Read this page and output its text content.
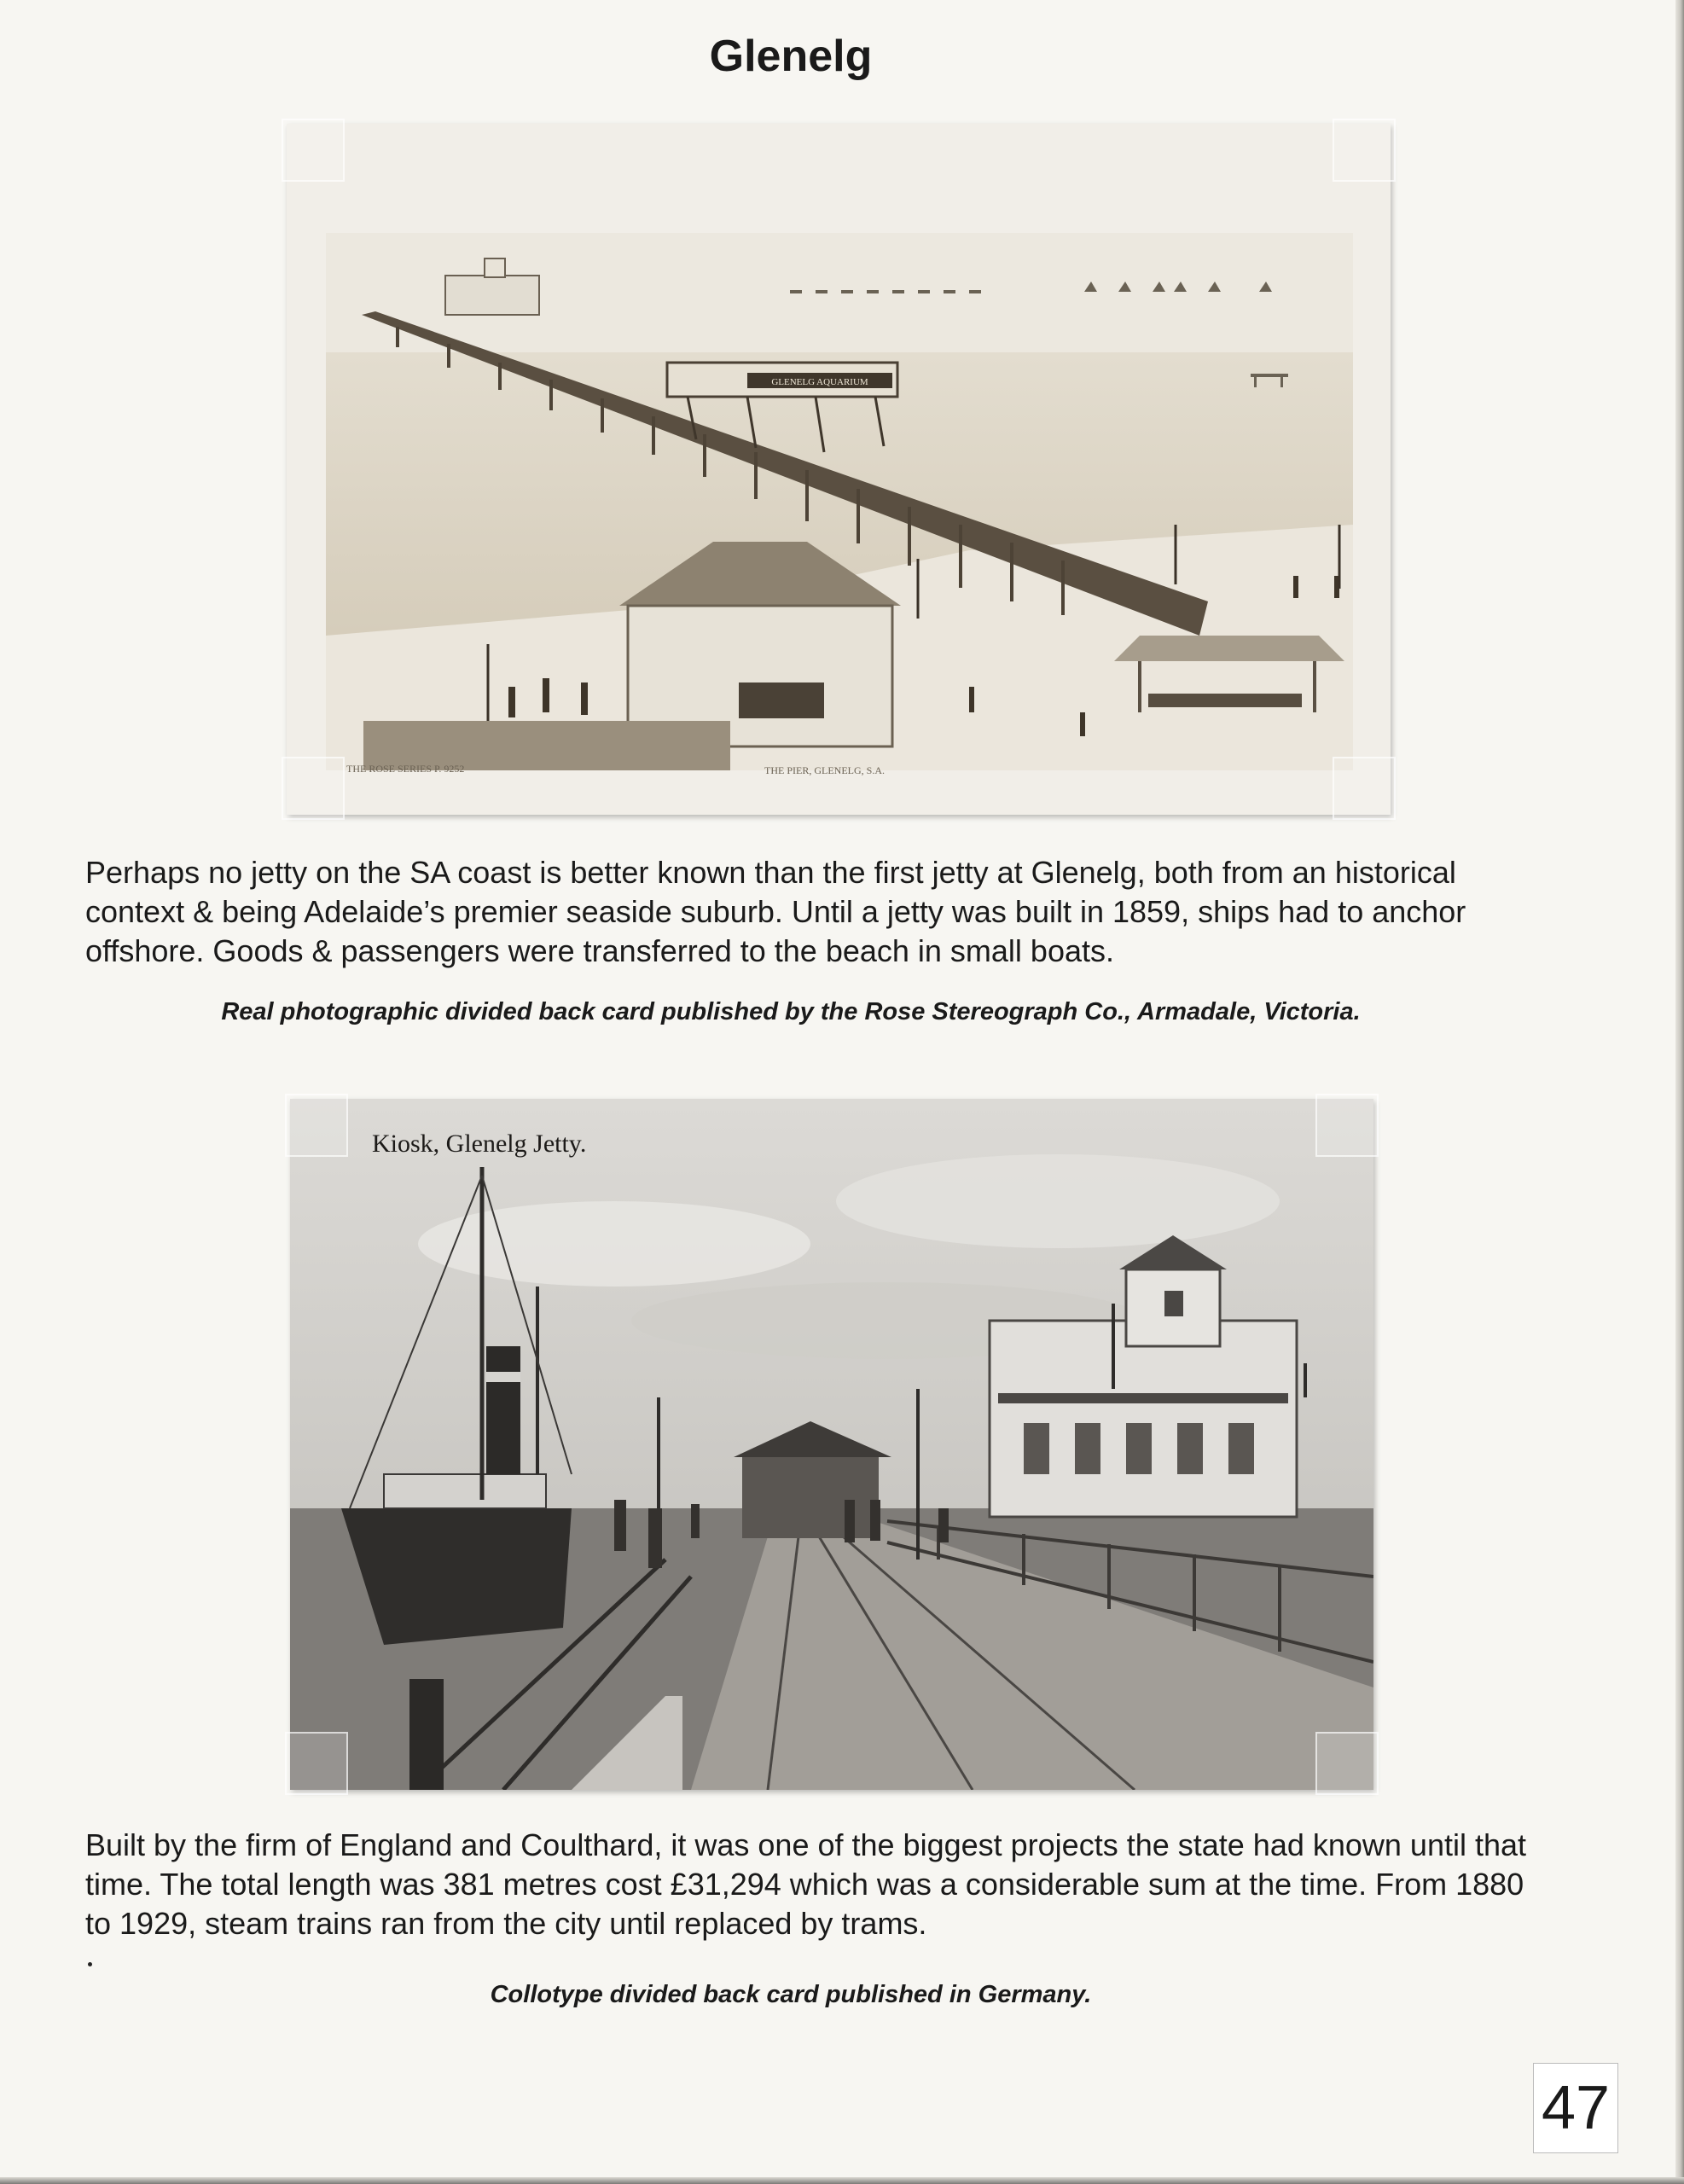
Glenelg
GLENELG AQUARIUM
THE ROSE SERIES P. 9252	THE PIER, GLENELG, S.A.
Perhaps no jetty on the SA coast is better known than the first jetty at Glenelg, both from an historical context & being Adelaide’s premier seaside suburb. Until a jetty was built in 1859, ships had to anchor offshore. Goods & passengers were transferred to the beach in small boats.
Real photographic divided back card published by the Rose Stereograph Co., Armadale, Victoria.
Kiosk, Glenelg Jetty.
Built by the firm of England and Coulthard, it was one of the biggest projects the state had known until that time. The total length was 381 metres cost £31,294 which was a considerable sum at the time. From 1880 to 1929, steam trains ran from the city until replaced by trams.
Collotype divided back card published in Germany.
47
